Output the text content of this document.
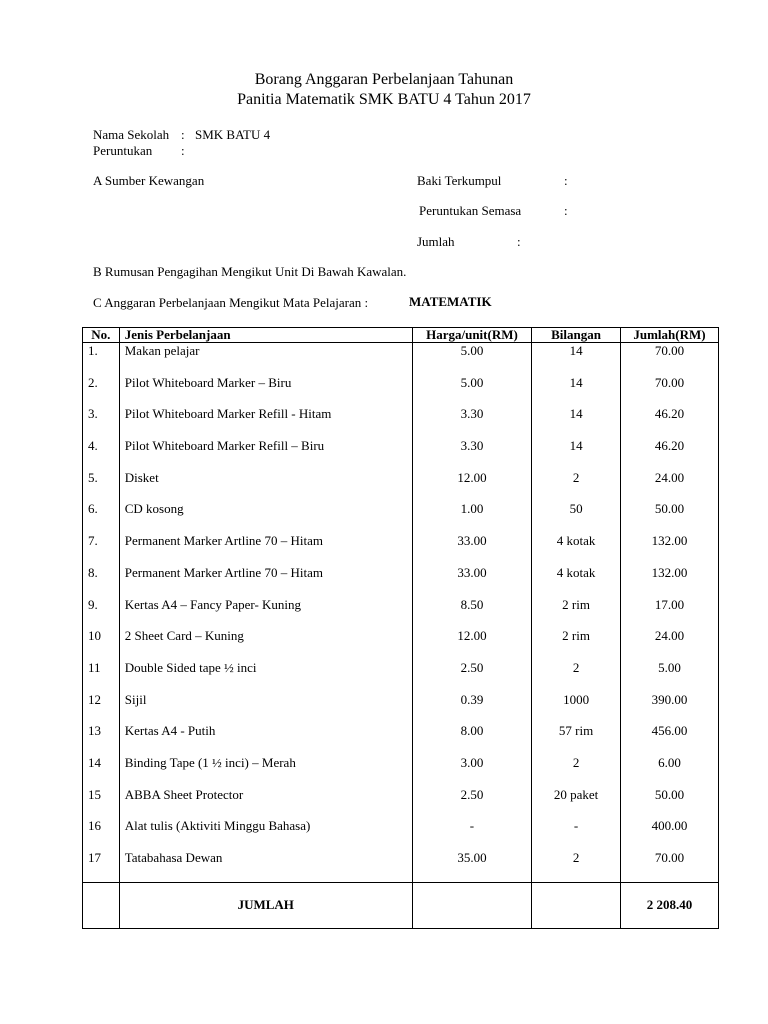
Borang Anggaran Perbelanjaan Tahunan
Panitia Matematik SMK BATU 4 Tahun 2017
Nama Sekolah : SMK BATU 4
Peruntukan :
A Sumber Kewangan	Baki Terkumpul	:
Peruntukan Semasa	:
Jumlah	:
B Rumusan Pengagihan Mengikut Unit Di Bawah Kawalan.
C Anggaran Perbelanjaan Mengikut Mata Pelajaran :	MATEMATIK
No.	Jenis Perbelanjaan	Harga/unit(RM)	Bilangan	Jumlah(RM)
1.	Makan pelajar	5.00	14	70.00
2.	Pilot Whiteboard Marker – Biru	5.00	14	70.00
3.	Pilot Whiteboard Marker Refill - Hitam	3.30	14	46.20
4.	Pilot Whiteboard Marker Refill – Biru	3.30	14	46.20
5.	Disket	12.00	2	24.00
6.	CD kosong	1.00	50	50.00
7.	Permanent Marker Artline 70 – Hitam	33.00	4 kotak	132.00
8.	Permanent Marker Artline 70 – Hitam	33.00	4 kotak	132.00
9.	Kertas A4 – Fancy Paper- Kuning	8.50	2 rim	17.00
10	2 Sheet Card – Kuning	12.00	2 rim	24.00
11	Double Sided tape ½ inci	2.50	2	5.00
12	Sijil	0.39	1000	390.00
13	Kertas A4 - Putih	8.00	57 rim	456.00
14	Binding Tape (1 ½ inci) – Merah	3.00	2	6.00
15	ABBA Sheet Protector	2.50	20 paket	50.00
16	Alat tulis (Aktiviti Minggu Bahasa)	-	-	400.00
17	Tatabahasa Dewan	35.00	2	70.00
	JUMLAH			2 208.40
